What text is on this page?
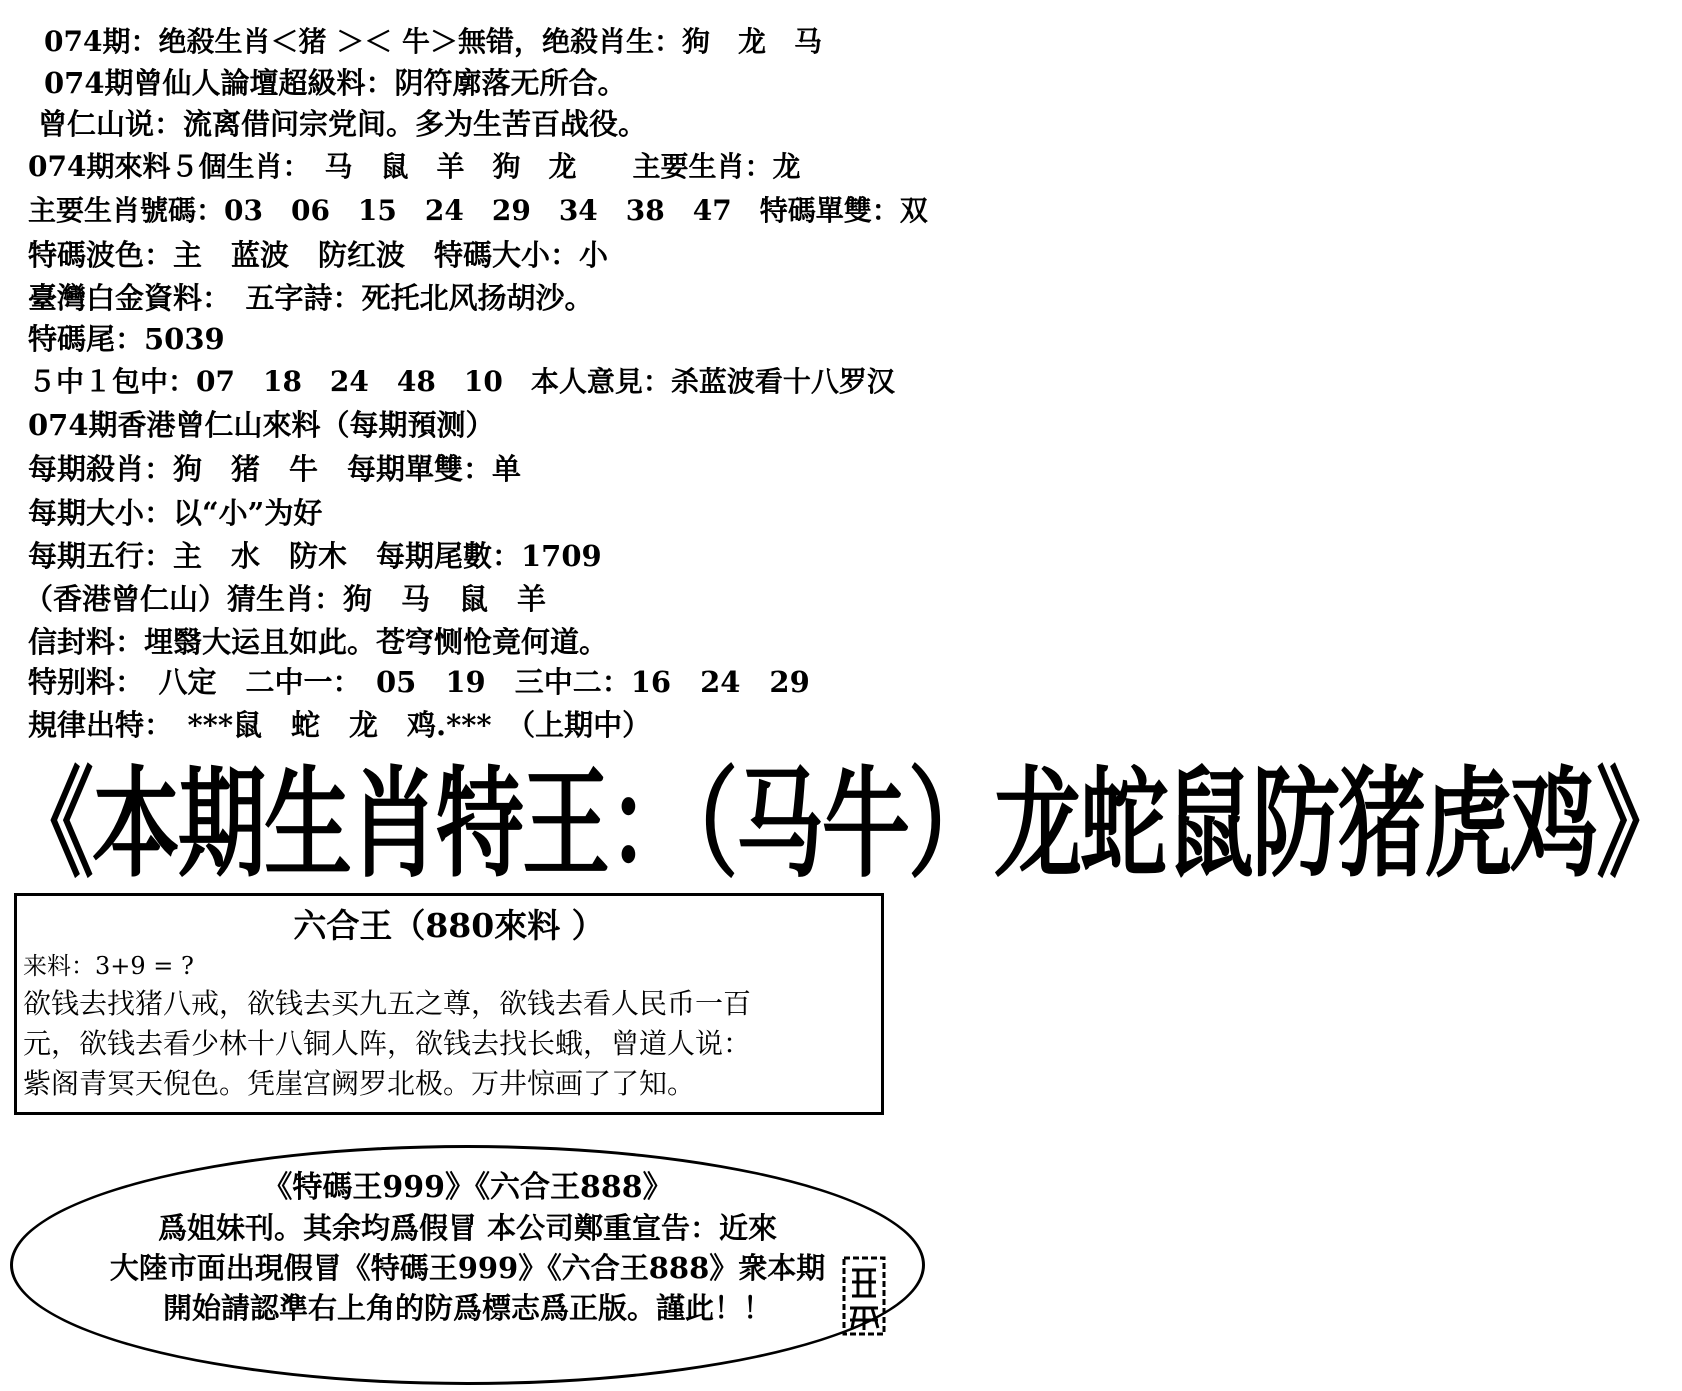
074期：绝殺生肖＜猪 ＞＜ 牛＞無错，绝殺肖生：狗　龙　马
074期曾仙人論壇超級料：阴符廓落无所合。
曾仁山说：流离借问宗党间。多为生苦百战役。
074期來料５個生肖：　马　鼠　羊　狗　龙　　主要生肖：龙
主要生肖號碼：03　06　15　24　29　34　38　47　特碼單雙：双
特碼波色：主　蓝波　防红波　特碼大小：小
臺灣白金資料：　五字詩：死托北风扬胡沙。
特碼尾：5039
５中１包中：07　18　24　48　10　本人意見：杀蓝波看十八罗汉
074期香港曾仁山來料（每期預测）
每期殺肖：狗　猪　牛　每期單雙：单
每期大小：以“小”为好
每期五行：主　水　防木　每期尾數：1709
（香港曾仁山）猜生肖：狗　马　鼠　羊
信封料：埋翳大运且如此。苍穹恻怆竟何道。
特别料：　八定　二中一：　05　19　三中二：16　24　29
規律出特：　***鼠　蛇　龙　鸡.***　（上期中）
《本期生肖特王：（马牛）龙蛇鼠防猪虎鸡》
六合王（880來料 ）
来料：3+9 = ?
欲钱去找猪八戒，欲钱去买九五之尊，欲钱去看人民币一百
元，欲钱去看少林十八铜人阵，欲钱去找长蛾，曾道人说：
紫阁青冥天倪色。凭崖宫阙罗北极。万井惊画了了知。
《特碼王999》《六合王888》
爲姐妹刊。其余均爲假冒 本公司鄭重宣告：近來
大陸市面出現假冒《特碼王999》《六合王888》衆本期
開始請認準右上角的防爲標志爲正版。謹此！！
